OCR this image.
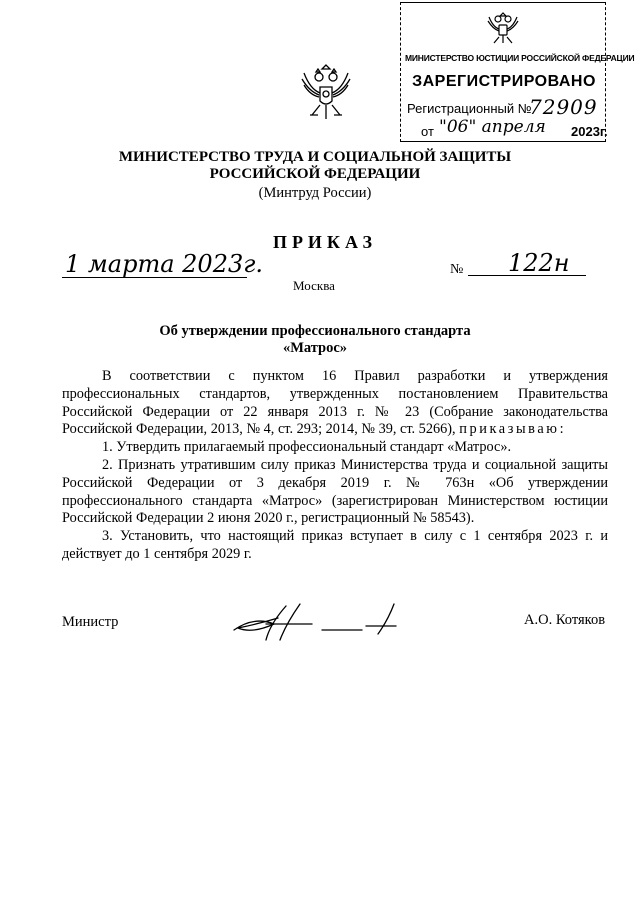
МИНИСТЕРСТВО ЮСТИЦИИ РОССИЙСКОЙ ФЕДЕРАЦИИ
ЗАРЕГИСТРИРОВАНО
Регистрационный №
72909
от "06" апреля 2023г.
МИНИСТЕРСТВО ТРУДА И СОЦИАЛЬНОЙ ЗАЩИТЫ
РОССИЙСКОЙ ФЕДЕРАЦИИ
(Минтруд России)
ПРИКАЗ
1 марта 2023г.
Москва
№ 122н
Об утверждении профессионального стандарта
«Матрос»

В соответствии с пунктом 16 Правил разработки и утверждения профессиональных стандартов, утвержденных постановлением Правительства Российской Федерации от 22 января 2013 г. № 23 (Собрание законодательства Российской Федерации, 2013, № 4, ст. 293; 2014, № 39, ст. 5266), приказываю:

1. Утвердить прилагаемый профессиональный стандарт «Матрос».

2. Признать утратившим силу приказ Министерства труда и социальной защиты Российской Федерации от 3 декабря 2019 г. № 763н «Об утверждении профессионального стандарта «Матрос» (зарегистрирован Министерством юстиции Российской Федерации 2 июня 2020 г., регистрационный № 58543).

3. Установить, что настоящий приказ вступает в силу с 1 сентября 2023 г. и действует до 1 сентября 2029 г.

Министр	А.О. Котяков
